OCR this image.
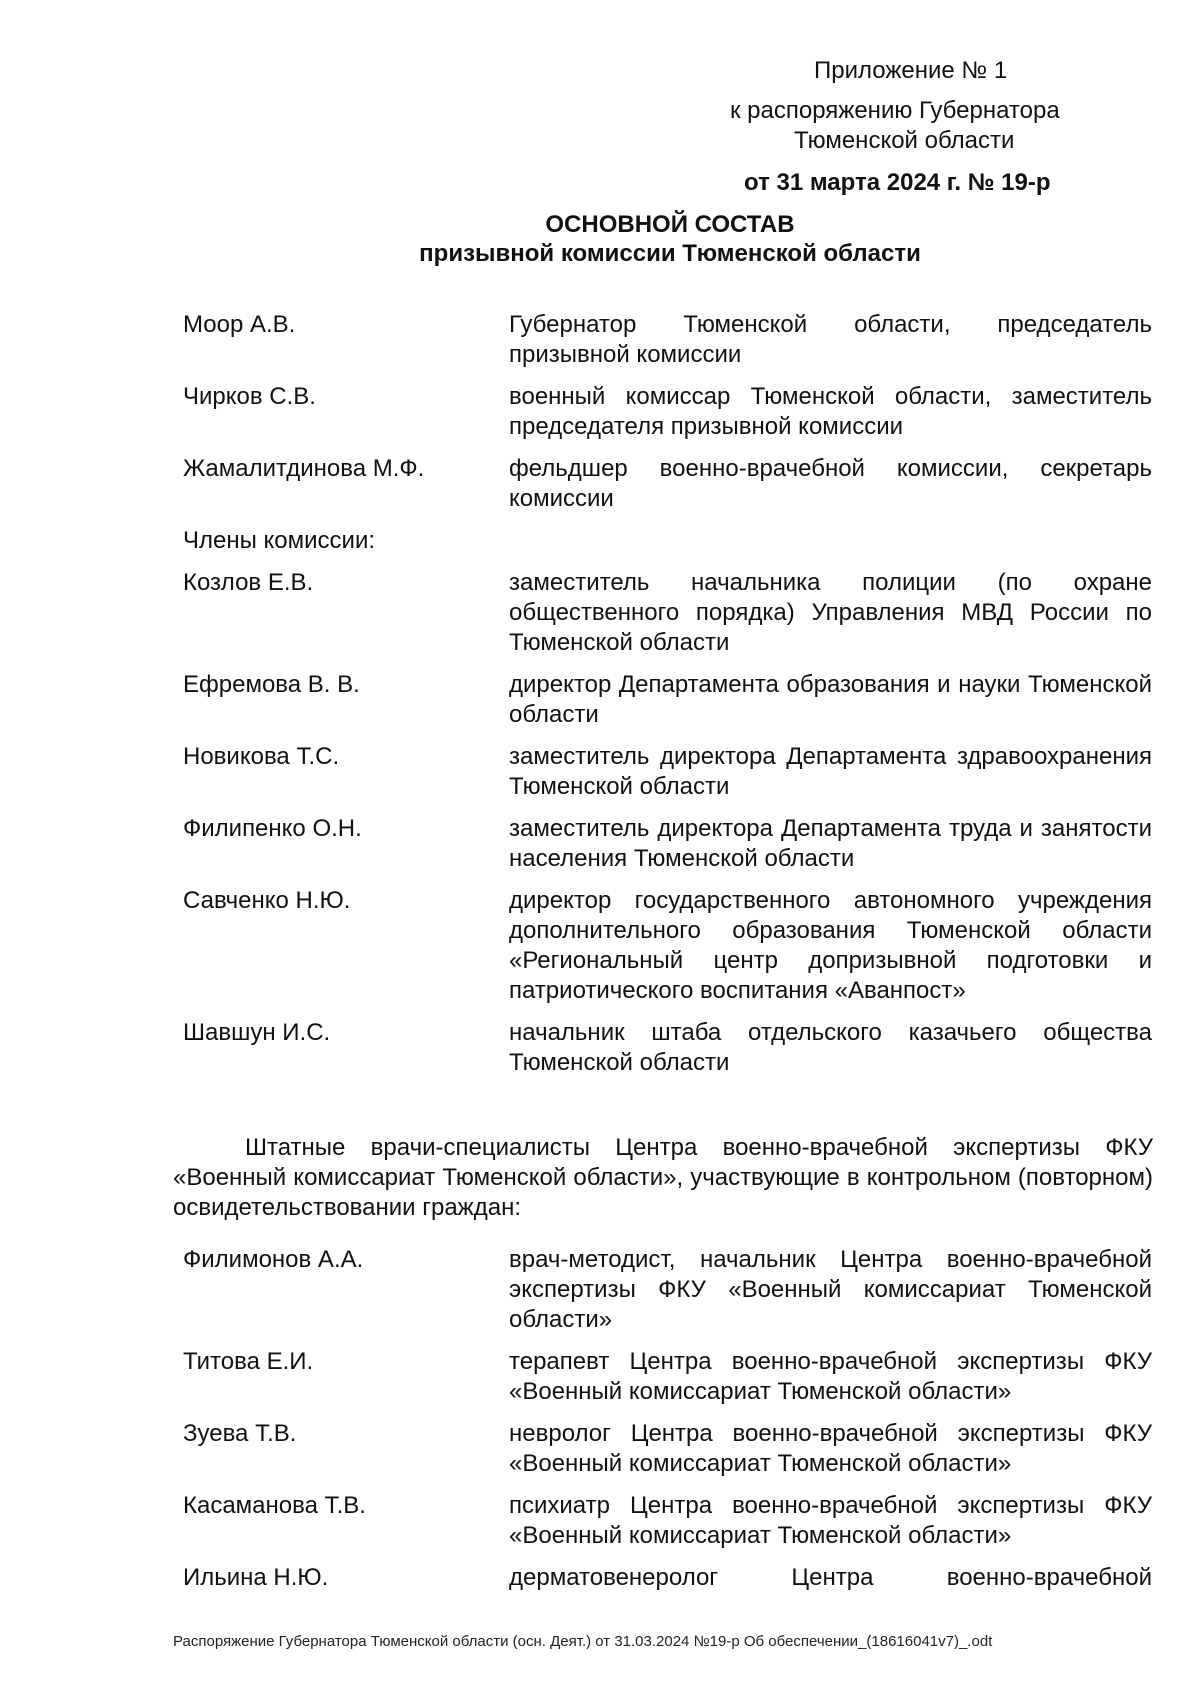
Приложение № 1
к распоряжению Губернатора
Тюменской области
от 31 марта 2024 г. № 19-р
ОСНОВНОЙ СОСТАВ
призывной комиссии Тюменской области
Моор А.В.	Губернатор Тюменской области, председатель призывной комиссии
Чирков С.В.	военный комиссар Тюменской области, заместитель председателя призывной комиссии
Жамалитдинова М.Ф.	фельдшер военно-врачебной комиссии, секретарь комиссии
Члены комиссии:
Козлов Е.В.	заместитель начальника полиции (по охране общественного порядка) Управления МВД России по Тюменской области
Ефремова В. В.	директор Департамента образования и науки Тюменской области
Новикова Т.С.	заместитель директора Департамента здравоохранения Тюменской области
Филипенко О.Н.	заместитель директора Департамента труда и занятости населения Тюменской области
Савченко Н.Ю.	директор государственного автономного учреждения дополнительного образования Тюменской области «Региональный центр допризывной подготовки и патриотического воспитания «Аванпост»
Шавшун И.С.	начальник штаба отдельского казачьего общества Тюменской области
Штатные врачи-специалисты Центра военно-врачебной экспертизы ФКУ «Военный комиссариат Тюменской области», участвующие в контрольном (повторном) освидетельствовании граждан:
Филимонов А.А.	врач-методист, начальник Центра военно-врачебной экспертизы ФКУ «Военный комиссариат Тюменской области»
Титова Е.И.	терапевт Центра военно-врачебной экспертизы ФКУ «Военный комиссариат Тюменской области»
Зуева Т.В.	невролог Центра военно-врачебной экспертизы ФКУ «Военный комиссариат Тюменской области»
Касаманова Т.В.	психиатр Центра военно-врачебной экспертизы ФКУ «Военный комиссариат Тюменской области»
Ильина Н.Ю.	дерматовенеролог Центра военно-врачебной
Распоряжение Губернатора Тюменской области (осн. Деят.) от 31.03.2024 №19-р Об обеспечении_(18616041v7)_.odt
